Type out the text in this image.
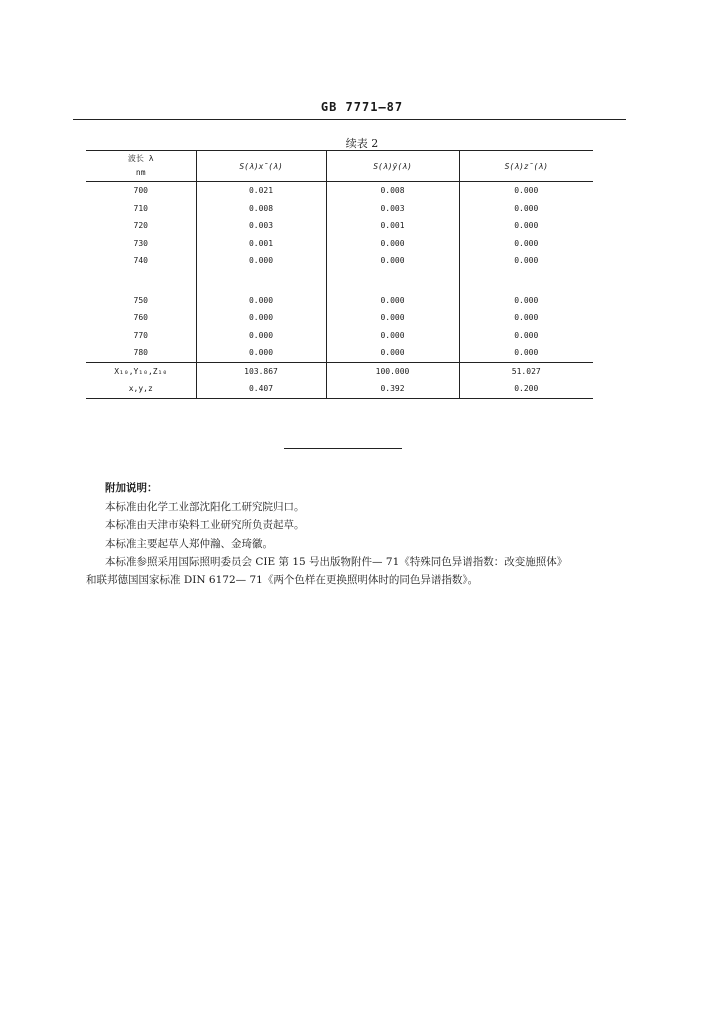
GB 7771—87
续表 2
波长 λ
nm	S(λ)x̄(λ)	S(λ)ȳ(λ)	S(λ)z̄(λ)
700	0.021	0.008	0.000
710	0.008	0.003	0.000
720	0.003	0.001	0.000
730	0.001	0.000	0.000
740	0.000	0.000	0.000

750	0.000	0.000	0.000
760	0.000	0.000	0.000
770	0.000	0.000	0.000
780	0.000	0.000	0.000
X₁₀,Y₁₀,Z₁₀	103.867	100.000	51.027
x,y,z	0.407	0.392	0.200
附加说明：
本标准由化学工业部沈阳化工研究院归口。
本标准由天津市染料工业研究所负责起草。
本标准主要起草人郑仲瀚、金琦徽。
本标准参照采用国际照明委员会 CIE 第 15 号出版物附件— 71《特殊同色异谱指数：改变施照体》
和联邦德国国家标准 DIN 6172— 71《两个色样在更换照明体时的同色异谱指数》。
